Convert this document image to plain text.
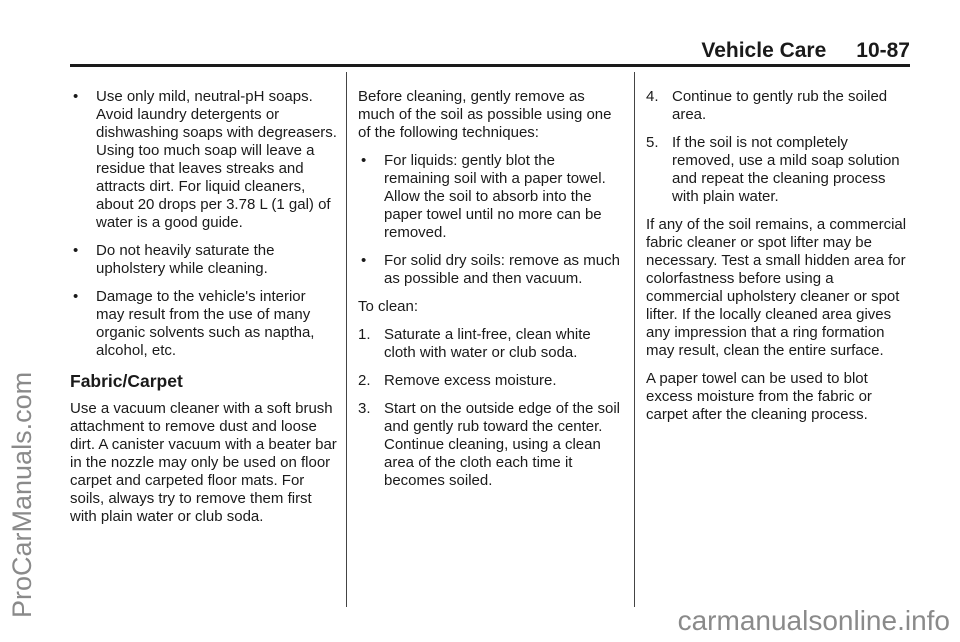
ProCarManuals.com
Vehicle Care 10-87
• Use only mild, neutral-pH soaps. Avoid laundry detergents or dishwashing soaps with degreasers. Using too much soap will leave a residue that leaves streaks and attracts dirt. For liquid cleaners, about 20 drops per 3.78 L (1 gal) of water is a good guide.
• Do not heavily saturate the upholstery while cleaning.
• Damage to the vehicle's interior may result from the use of many organic solvents such as naptha, alcohol, etc.
Fabric/Carpet

Use a vacuum cleaner with a soft brush attachment to remove dust and loose dirt. A canister vacuum with a beater bar in the nozzle may only be used on floor carpet and carpeted floor mats. For soils, always try to remove them first with plain water or club soda.

Before cleaning, gently remove as much of the soil as possible using one of the following techniques:

• For liquids: gently blot the remaining soil with a paper towel. Allow the soil to absorb into the paper towel until no more can be removed.
• For solid dry soils: remove as much as possible and then vacuum.

To clean:

1. Saturate a lint-free, clean white cloth with water or club soda.
2. Remove excess moisture.
3. Start on the outside edge of the soil and gently rub toward the center. Continue cleaning, using a clean area of the cloth each time it becomes soiled.
4. Continue to gently rub the soiled area.
5. If the soil is not completely removed, use a mild soap solution and repeat the cleaning process with plain water.

If any of the soil remains, a commercial fabric cleaner or spot lifter may be necessary. Test a small hidden area for colorfastness before using a commercial upholstery cleaner or spot lifter. If the locally cleaned area gives any impression that a ring formation may result, clean the entire surface.

A paper towel can be used to blot excess moisture from the fabric or carpet after the cleaning process.

carmanualsonline.info
